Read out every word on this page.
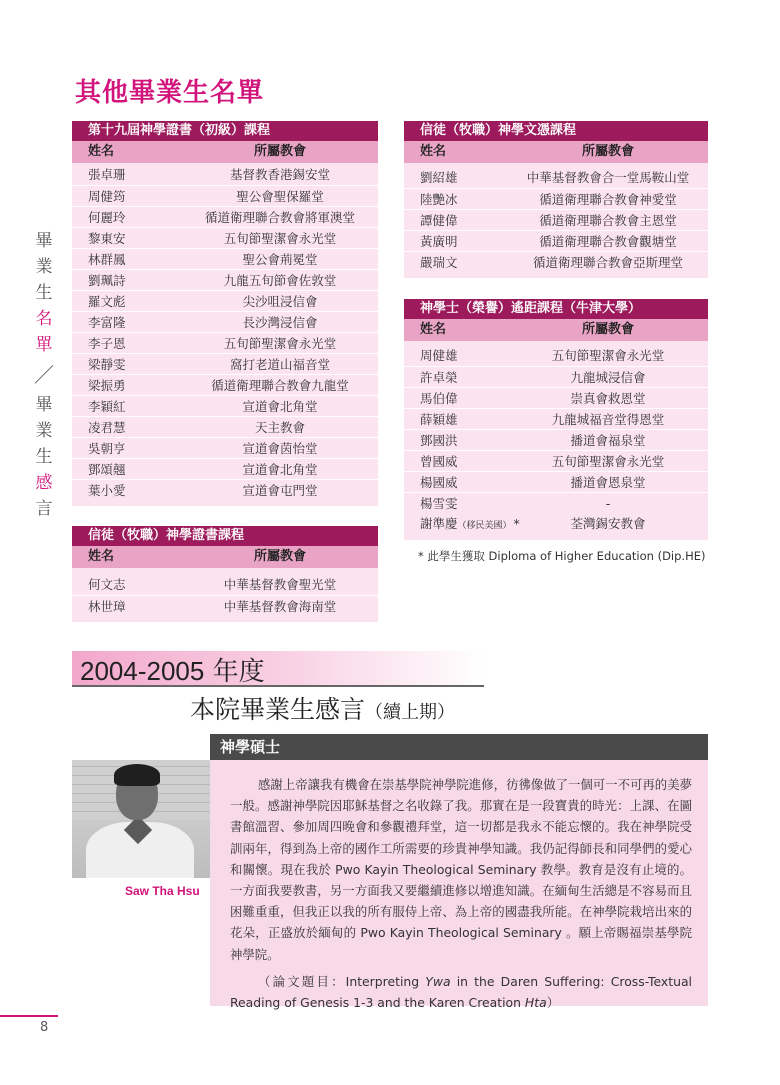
其他畢業生名單
畢
業
生
名
單
／
畢
業
生
感
言
第十九屆神學證書（初級）課程
姓名	所屬教會
張卓珊	基督教香港錫安堂
周健筠	聖公會聖保羅堂
何麗玲	循道衛理聯合教會將軍澳堂
黎東安	五旬節聖潔會永光堂
林群鳳	聖公會荊冕堂
劉珮詩	九龍五旬節會佐敦堂
羅文彪	尖沙咀浸信會
李富隆	長沙灣浸信會
李子恩	五旬節聖潔會永光堂
梁靜雯	窩打老道山福音堂
梁振勇	循道衛理聯合教會九龍堂
李穎紅	宣道會北角堂
凌君慧	天主教會
吳朝亨	宣道會茵怡堂
鄧頌翹	宣道會北角堂
葉小愛	宣道會屯門堂
信徒（牧職）神學證書課程
姓名	所屬教會
何文志	中華基督教會聖光堂
林世璋	中華基督教會海南堂
信徒（牧職）神學文憑課程
姓名	所屬教會
劉紹雄	中華基督教會合一堂馬鞍山堂
陸艷冰	循道衛理聯合教會神愛堂
譚健偉	循道衛理聯合教會主恩堂
黃廣明	循道衛理聯合教會觀塘堂
嚴瑞文	循道衛理聯合教會亞斯理堂
神學士（榮譽）遙距課程（牛津大學）
姓名	所屬教會
周健雄	五旬節聖潔會永光堂
許卓榮	九龍城浸信會
馬伯偉	崇真會救恩堂
薛穎雄	九龍城福音堂得恩堂
鄧國洪	播道會福泉堂
曾國威	五旬節聖潔會永光堂
楊國威	播道會恩泉堂
楊雪雯	-
謝準慶（移民美國） *	荃灣錫安教會
* 此學生獲取 Diploma of Higher Education (Dip.HE)
2004-2005 年度
本院畢業生感言（續上期）
神學碩士
Saw Tha Hsu

感謝上帝讓我有機會在崇基學院神學院進修，彷彿像做了一個可一不可再的美夢一般。感謝神學院因耶穌基督之名收錄了我。那實在是一段寶貴的時光：上課、在圖書館溫習、參加周四晚會和參觀禮拜堂，這一切都是我永不能忘懷的。我在神學院受訓兩年，得到為上帝的國作工所需要的珍貴神學知識。我仍記得師長和同學們的愛心和關懷。現在我於 Pwo Kayin Theological Seminary 教學。教育是沒有止境的。一方面我要教書，另一方面我又要繼續進修以增進知識。在緬甸生活總是不容易而且困難重重，但我正以我的所有服侍上帝、為上帝的國盡我所能。在神學院栽培出來的花朵，正盛放於緬甸的 Pwo Kayin Theological Seminary 。願上帝賜福崇基學院神學院。

（論文題目：Interpreting Ywa in the Daren Suffering: Cross-Textual Reading of Genesis 1-3 and the Karen Creation Hta）

8
